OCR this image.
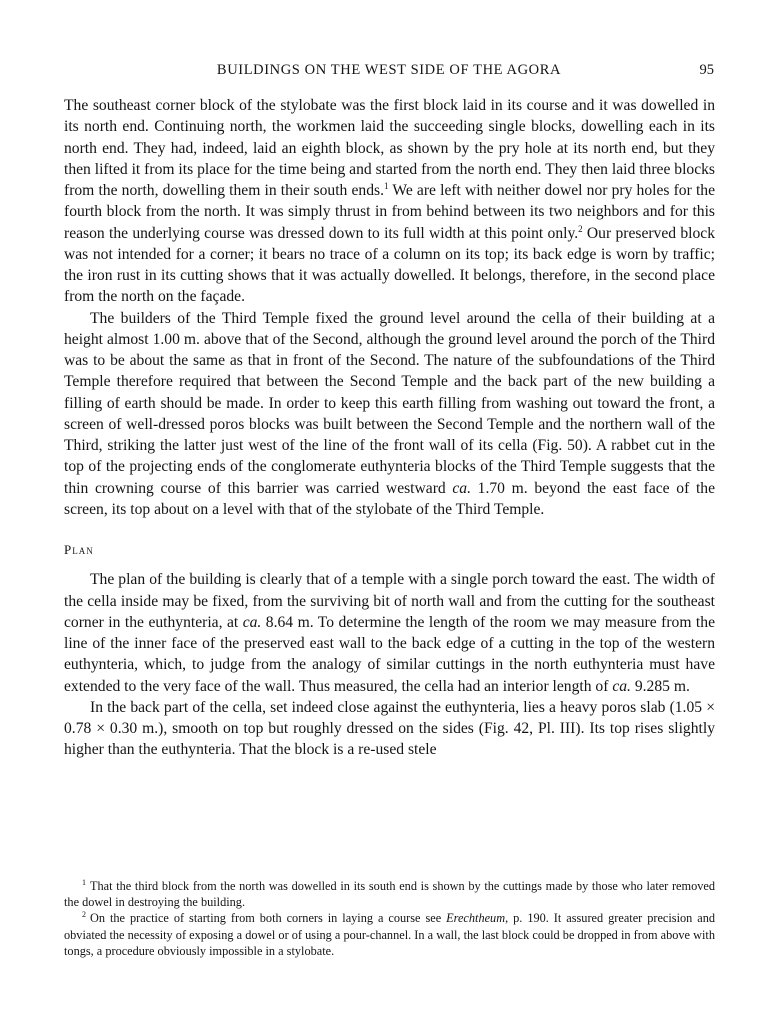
BUILDINGS ON THE WEST SIDE OF THE AGORA	95

The southeast corner block of the stylobate was the first block laid in its course and it was dowelled in its north end. Continuing north, the workmen laid the succeeding single blocks, dowelling each in its north end. They had, indeed, laid an eighth block, as shown by the pry hole at its north end, but they then lifted it from its place for the time being and started from the north end. They then laid three blocks from the north, dowelling them in their south ends.$^1$ We are left with neither dowel nor pry holes for the fourth block from the north. It was simply thrust in from behind between its two neighbors and for this reason the underlying course was dressed down to its full width at this point only.$^2$ Our preserved block was not intended for a corner; it bears no trace of a column on its top; its back edge is worn by traffic; the iron rust in its cutting shows that it was actually dowelled. It belongs, therefore, in the second place from the north on the façade.

The builders of the Third Temple fixed the ground level around the cella of their building at a height almost 1.00 m. above that of the Second, although the ground level around the porch of the Third was to be about the same as that in front of the Second. The nature of the subfoundations of the Third Temple therefore required that between the Second Temple and the back part of the new building a filling of earth should be made. In order to keep this earth filling from washing out toward the front, a screen of well-dressed poros blocks was built between the Second Temple and the northern wall of the Third, striking the latter just west of the line of the front wall of its cella (Fig. 50). A rabbet cut in the top of the projecting ends of the conglomerate euthynteria blocks of the Third Temple suggests that the thin crowning course of this barrier was carried westward ca. 1.70 m. beyond the east face of the screen, its top about on a level with that of the stylobate of the Third Temple.

Plan

The plan of the building is clearly that of a temple with a single porch toward the east. The width of the cella inside may be fixed, from the surviving bit of north wall and from the cutting for the southeast corner in the euthynteria, at ca. 8.64 m. To determine the length of the room we may measure from the line of the inner face of the preserved east wall to the back edge of a cutting in the top of the western euthynteria, which, to judge from the analogy of similar cuttings in the north euthynteria must have extended to the very face of the wall. Thus measured, the cella had an interior length of ca. 9.285 m.

In the back part of the cella, set indeed close against the euthynteria, lies a heavy poros slab (1.05 × 0.78 × 0.30 m.), smooth on top but roughly dressed on the sides (Fig. 42, Pl. III). Its top rises slightly higher than the euthynteria. That the block is a re-used stele

$^1$ That the third block from the north was dowelled in its south end is shown by the cuttings made by those who later removed the dowel in destroying the building.

$^2$ On the practice of starting from both corners in laying a course see Erechtheum, p. 190. It assured greater precision and obviated the necessity of exposing a dowel or of using a pour-channel. In a wall, the last block could be dropped in from above with tongs, a procedure obviously impossible in a stylobate.
